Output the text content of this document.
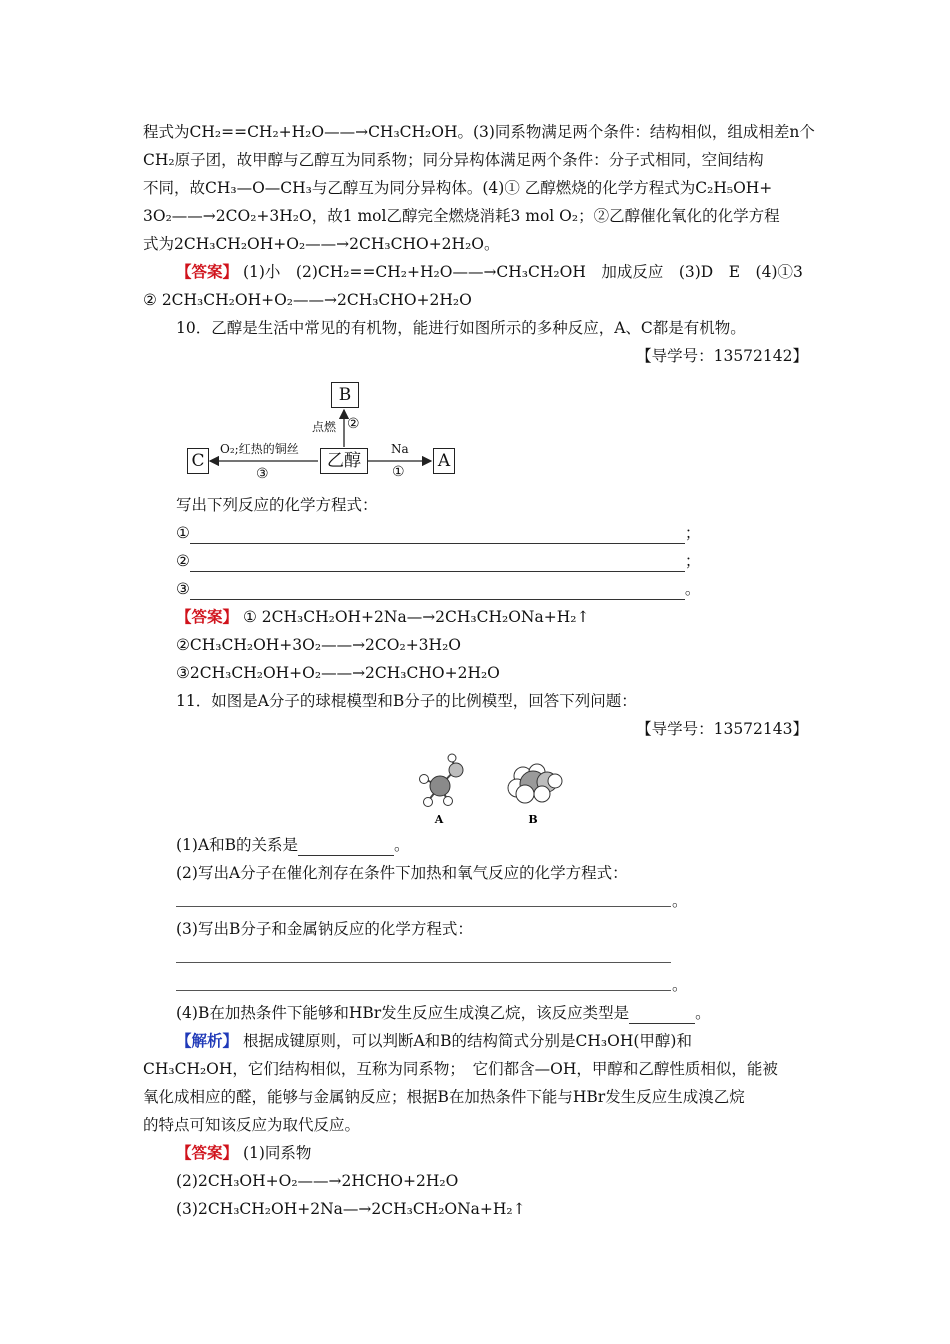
程式为CH₂==CH₂+H₂O——→CH₃CH₂OH。(3)同系物满足两个条件：结构相似，组成相差n个
CH₂原子团，故甲醇与乙醇互为同系物；同分异构体满足两个条件：分子式相同，空间结构
不同，故CH₃—O—CH₃与乙醇互为同分异构体。(4)① 乙醇燃烧的化学方程式为C₂H₅OH+
3O₂——→2CO₂+3H₂O，故1 mol乙醇完全燃烧消耗3 mol O₂；②乙醇催化氧化的化学方程
式为2CH₃CH₂OH+O₂——→2CH₃CHO+2H₂O。
【答案】 (1)小　(2)CH₂==CH₂+H₂O——→CH₃CH₂OH　加成反应　(3)D　E　(4)①3
② 2CH₃CH₂OH+O₂——→2CH₃CHO+2H₂O
10．乙醇是生活中常见的有机物，能进行如图所示的多种反应，A、C都是有机物。
【导学号：13572142】
B
乙醇	A
C
点燃 ②
O₂;红热的铜丝
③
Na
①
写出下列反应的化学方程式：
①	；
②	；
③	。
【答案】 ① 2CH₃CH₂OH+2Na—→2CH₃CH₂ONa+H₂↑
②CH₃CH₂OH+3O₂——→2CO₂+3H₂O
③2CH₃CH₂OH+O₂——→2CH₃CHO+2H₂O
11．如图是A分子的球棍模型和B分子的比例模型，回答下列问题：
【导学号：13572143】
A	B
(1)A和B的关系是	。
(2)写出A分子在催化剂存在条件下加热和氧气反应的化学方程式：
。
(3)写出B分子和金属钠反应的化学方程式：
。
(4)B在加热条件下能够和HBr发生反应生成溴乙烷，该反应类型是	。
【解析】 根据成键原则，可以判断A和B的结构简式分别是CH₃OH(甲醇)和
CH₃CH₂OH，它们结构相似，互称为同系物；　它们都含—OH，甲醇和乙醇性质相似，能被
氧化成相应的醛，能够与金属钠反应；根据B在加热条件下能与HBr发生反应生成溴乙烷
的特点可知该反应为取代反应。
【答案】 (1)同系物
(2)2CH₃OH+O₂——→2HCHO+2H₂O
(3)2CH₃CH₂OH+2Na—→2CH₃CH₂ONa+H₂↑
